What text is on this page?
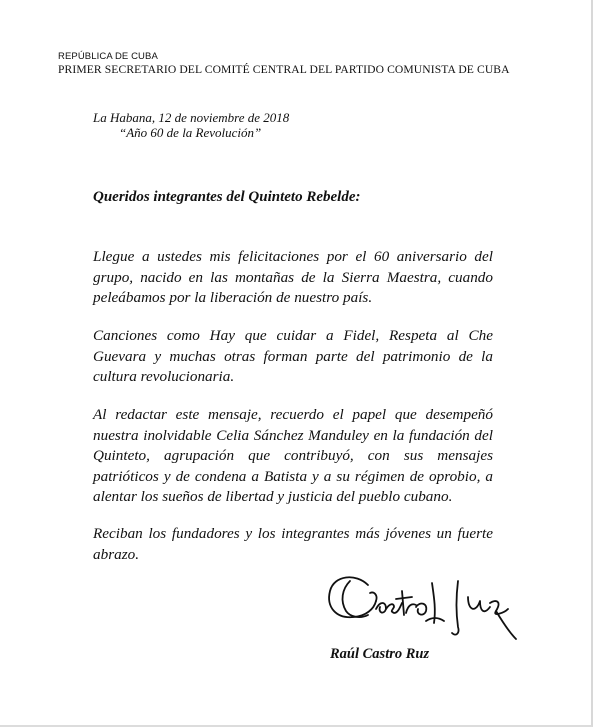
REPÚBLICA DE CUBA
PRIMER SECRETARIO DEL COMITÉ CENTRAL DEL PARTIDO COMUNISTA DE CUBA
La Habana, 12 de noviembre de 2018
“Año 60 de la Revolución”
Queridos integrantes del Quinteto Rebelde:

Llegue a ustedes mis felicitaciones por el 60 aniversario del grupo, nacido en las montañas de la Sierra Maestra, cuando peleábamos por la liberación de nuestro país.

Canciones como Hay que cuidar a Fidel, Respeta al Che Guevara y muchas otras forman parte del patrimonio de la cultura revolucionaria.

Al redactar este mensaje, recuerdo el papel que desempeñó nuestra inolvidable Celia Sánchez Manduley en la fundación del Quinteto, agrupación que contribuyó, con sus mensajes patrióticos y de condena a Batista y a su régimen de oprobio, a alentar los sueños de libertad y justicia del pueblo cubano.

Reciban los fundadores y los integrantes más jóvenes un fuerte abrazo.

Raúl Castro Ruz
